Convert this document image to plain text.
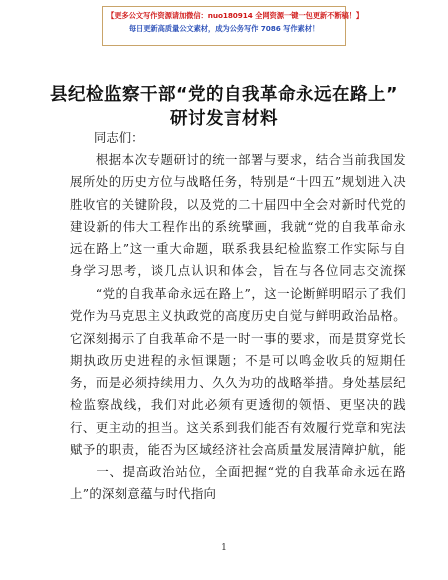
【更多公文写作资源请加微信：nuo180914 全网资源一键一包更新不断稿！】
每日更新高质量公文素材，成为公务写作 7086 写作素材！
县纪检监察干部“党的自我革命永远在路上”
研讨发言材料
同志们：
　　根据本次专题研讨的统一部署与要求，结合当前我国发展所处的历史方位与战略任务，特别是“十四五”规划进入决胜收官的关键阶段，以及党的二十届四中全会对新时代党的建设新的伟大工程作出的系统擘画，我就“党的自我革命永远在路上”这一重大命题，联系我县纪检监察工作实际与自身学习思考，谈几点认识和体会，旨在与各位同志交流探
　　“党的自我革命永远在路上”，这一论断鲜明昭示了我们党作为马克思主义执政党的高度历史自觉与鲜明政治品格。它深刻揭示了自我革命不是一时一事的要求，而是贯穿党长期执政历史进程的永恒课题；不是可以鸣金收兵的短期任务，而是必须持续用力、久久为功的战略举措。身处基层纪检监察战线，我们对此必须有更透彻的领悟、更坚决的践行、更主动的担当。这关系到我们能否有效履行党章和宪法赋予的职责，能否为区域经济社会高质量发展清障护航，能
　　一、提高政治站位，全面把握“党的自我革命永远在路上”的深刻意蕴与时代指向
1
